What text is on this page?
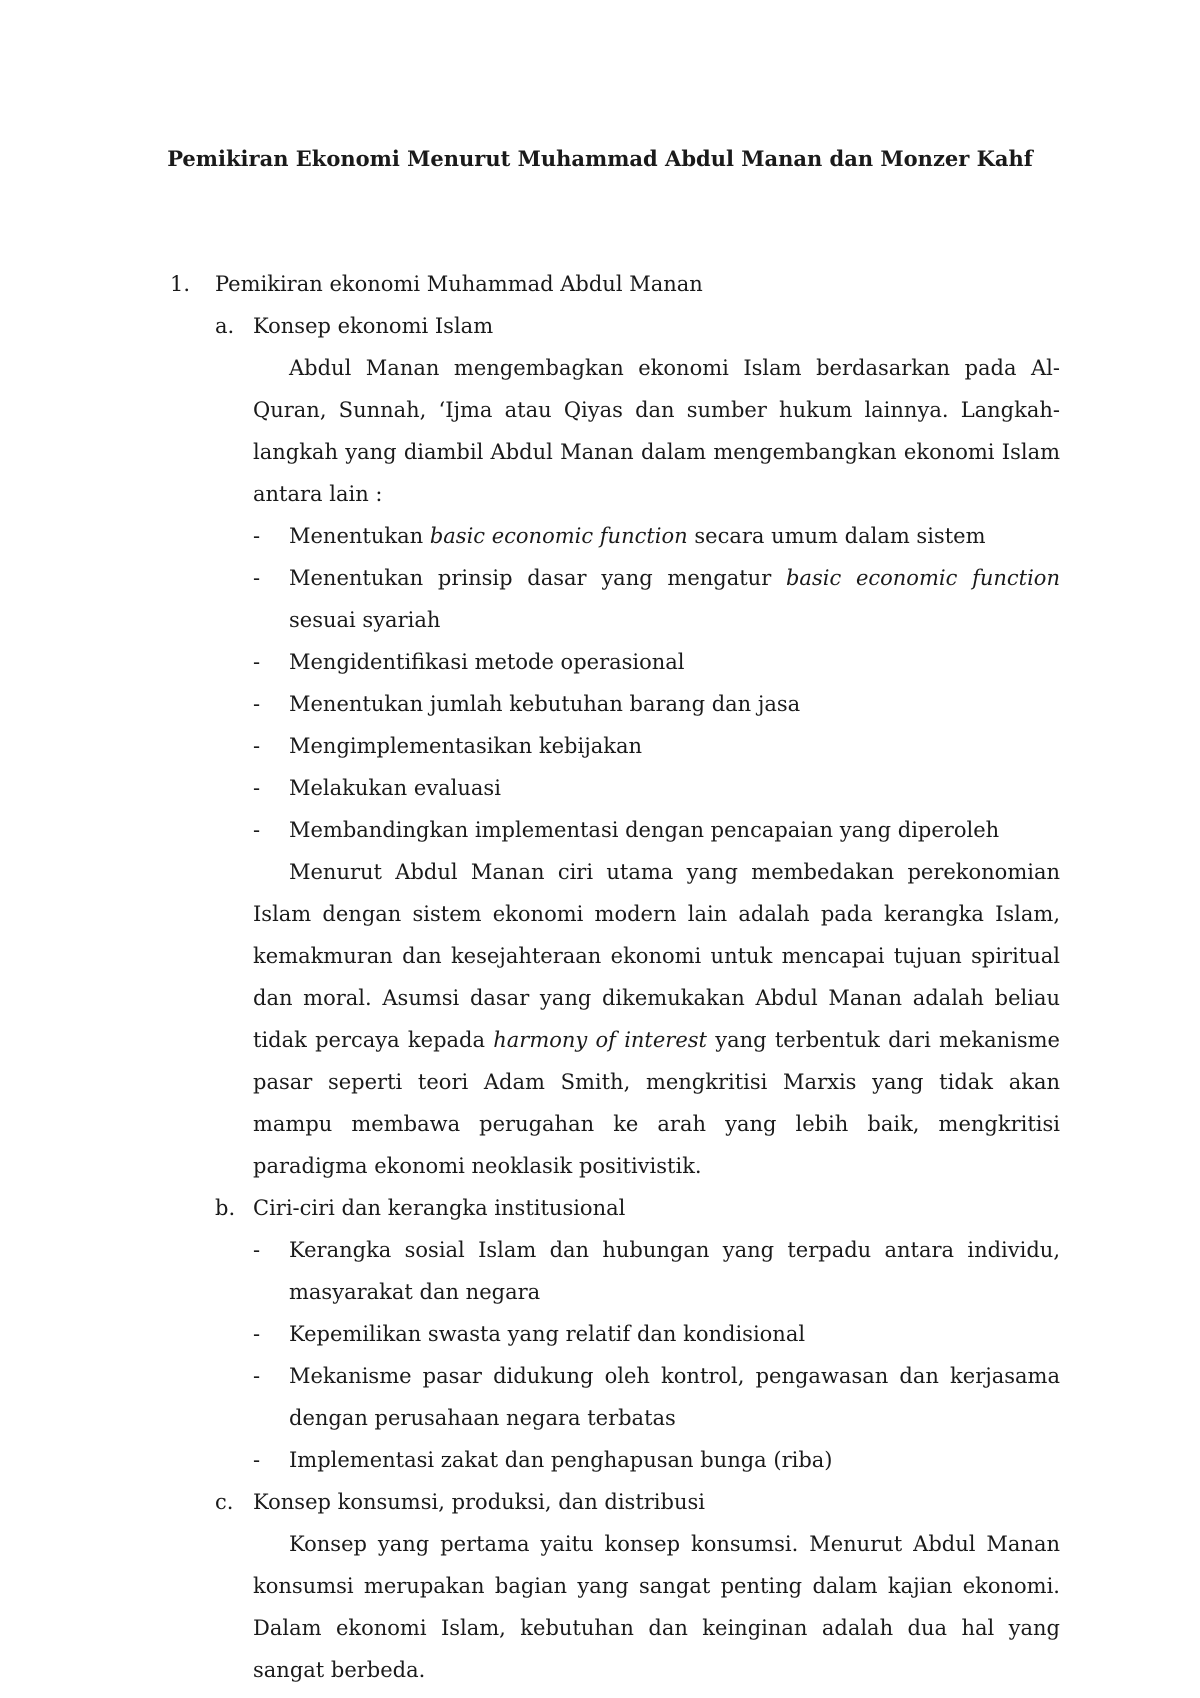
Pemikiran Ekonomi Menurut Muhammad Abdul Manan dan Monzer Kahf
1.	Pemikiran ekonomi Muhammad Abdul Manan
a. Konsep ekonomi Islam

Abdul Manan mengembagkan ekonomi Islam berdasarkan pada Al-Quran, Sunnah, ‘Ijma atau Qiyas dan sumber hukum lainnya. Langkah-langkah yang diambil Abdul Manan dalam mengembangkan ekonomi Islam antara lain :

- Menentukan basic economic function secara umum dalam sistem
- Menentukan prinsip dasar yang mengatur basic economic function sesuai syariah
- Mengidentifikasi metode operasional
- Menentukan jumlah kebutuhan barang dan jasa
- Mengimplementasikan kebijakan
- Melakukan evaluasi
- Membandingkan implementasi dengan pencapaian yang diperoleh

Menurut Abdul Manan ciri utama yang membedakan perekonomian Islam dengan sistem ekonomi modern lain adalah pada kerangka Islam, kemakmuran dan kesejahteraan ekonomi untuk mencapai tujuan spiritual dan moral. Asumsi dasar yang dikemukakan Abdul Manan adalah beliau tidak percaya kepada harmony of interest yang terbentuk dari mekanisme pasar seperti teori Adam Smith, mengkritisi Marxis yang tidak akan mampu membawa perugahan ke arah yang lebih baik, mengkritisi paradigma ekonomi neoklasik positivistik.

b. Ciri-ciri dan kerangka institusional
- Kerangka sosial Islam dan hubungan yang terpadu antara individu, masyarakat dan negara
- Kepemilikan swasta yang relatif dan kondisional
- Mekanisme pasar didukung oleh kontrol, pengawasan dan kerjasama dengan perusahaan negara terbatas
- Implementasi zakat dan penghapusan bunga (riba)
c. Konsep konsumsi, produksi, dan distribusi

Konsep yang pertama yaitu konsep konsumsi. Menurut Abdul Manan konsumsi merupakan bagian yang sangat penting dalam kajian ekonomi. Dalam ekonomi Islam, kebutuhan dan keinginan adalah dua hal yang sangat berbeda.
